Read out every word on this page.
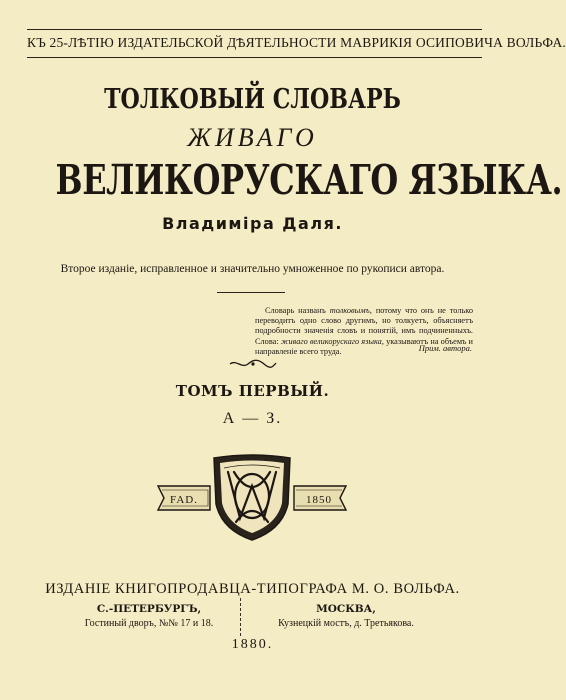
КЪ 25-ЛѢТІЮ ИЗДАТЕЛЬСКОЙ ДѢЯТЕЛЬНОСТИ МАВРИКІЯ ОСИПОВИЧА ВОЛЬФА.
ТОЛКОВЫЙ СЛОВАРЬ
ЖИВАГО
ВЕЛИКОРУСКАГО ЯЗЫКА.
Владиміра Даля.
Второе изданіе, исправленное и значительно умноженное по рукописи автора.
Словарь названъ толковымъ, потому что онъ не только переводитъ одно слово другимъ, но толкуетъ, объясняетъ подробности значенія словъ и понятій, имъ подчиненныхъ. Слова: живаго великорускаго языка, указываютъ на объемъ и направленіе всего труда.	Прим. автора.
ТОМЪ ПЕРВЫЙ.
А — З.
FAD.	1850
ИЗДАНІЕ КНИГОПРОДАВЦА-ТИПОГРАФА М. О. ВОЛЬФА.
С.-ПЕТЕРБУРГЪ,
Гостиный дворъ, №№ 17 и 18.
МОСКВА,
Кузнецкій мостъ, д. Третьякова.
1880.
